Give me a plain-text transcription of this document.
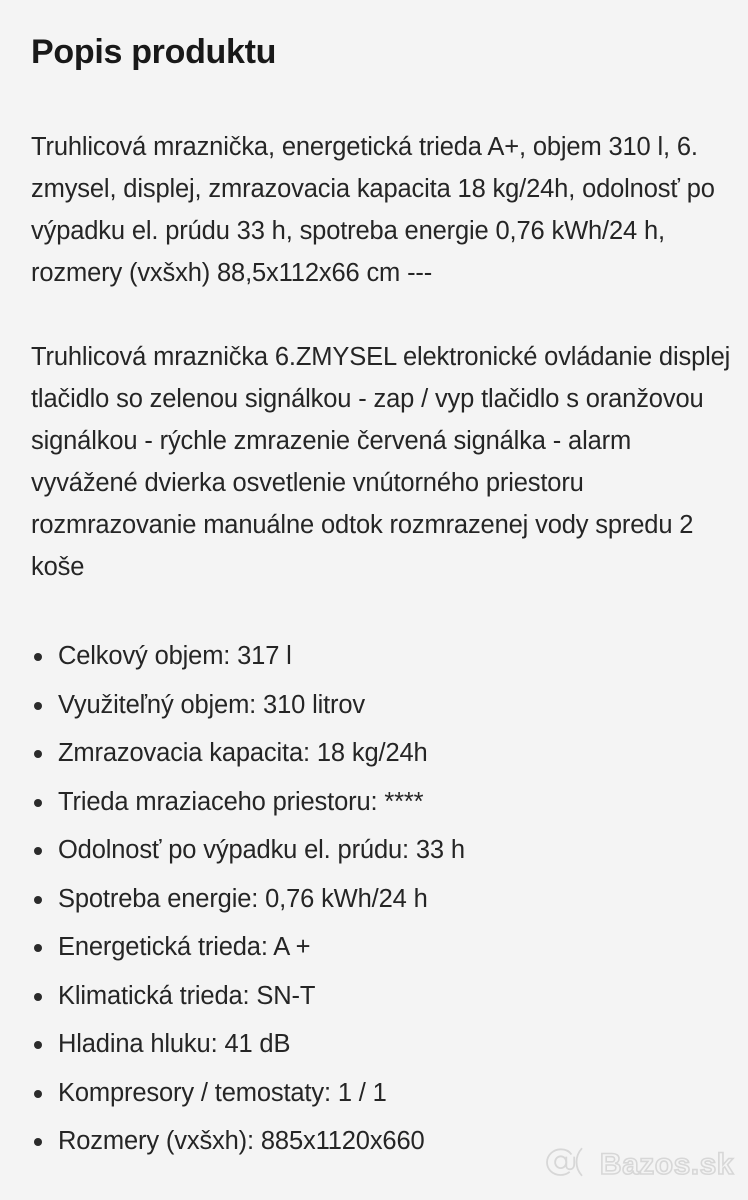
Popis produktu

Truhlicová mraznička, energetická trieda A+, objem 310 l, 6. zmysel, displej, zmrazovacia kapacita 18 kg/24h, odolnosť po výpadku el. prúdu 33 h, spotreba energie 0,76 kWh/24 h, rozmery (vxšxh) 88,5x112x66 cm ---

Truhlicová mraznička 6.ZMYSEL elektronické ovládanie displej tlačidlo so zelenou signálkou - zap / vyp tlačidlo s oranžovou signálkou - rýchle zmrazenie červená signálka - alarm vyvážené dvierka osvetlenie vnútorného priestoru rozmrazovanie manuálne odtok rozmrazenej vody spredu 2 koše

Celkový objem: 317 l
Využiteľný objem: 310 litrov
Zmrazovacia kapacita: 18 kg/24h
Trieda mraziaceho priestoru: ****
Odolnosť po výpadku el. prúdu: 33 h
Spotreba energie: 0,76 kWh/24 h
Energetická trieda: A +
Klimatická trieda: SN-T
Hladina hluku: 41 dB
Kompresory / temostaty: 1 / 1
Rozmery (vxšxh): 885x1120x660
Bazos.sk
